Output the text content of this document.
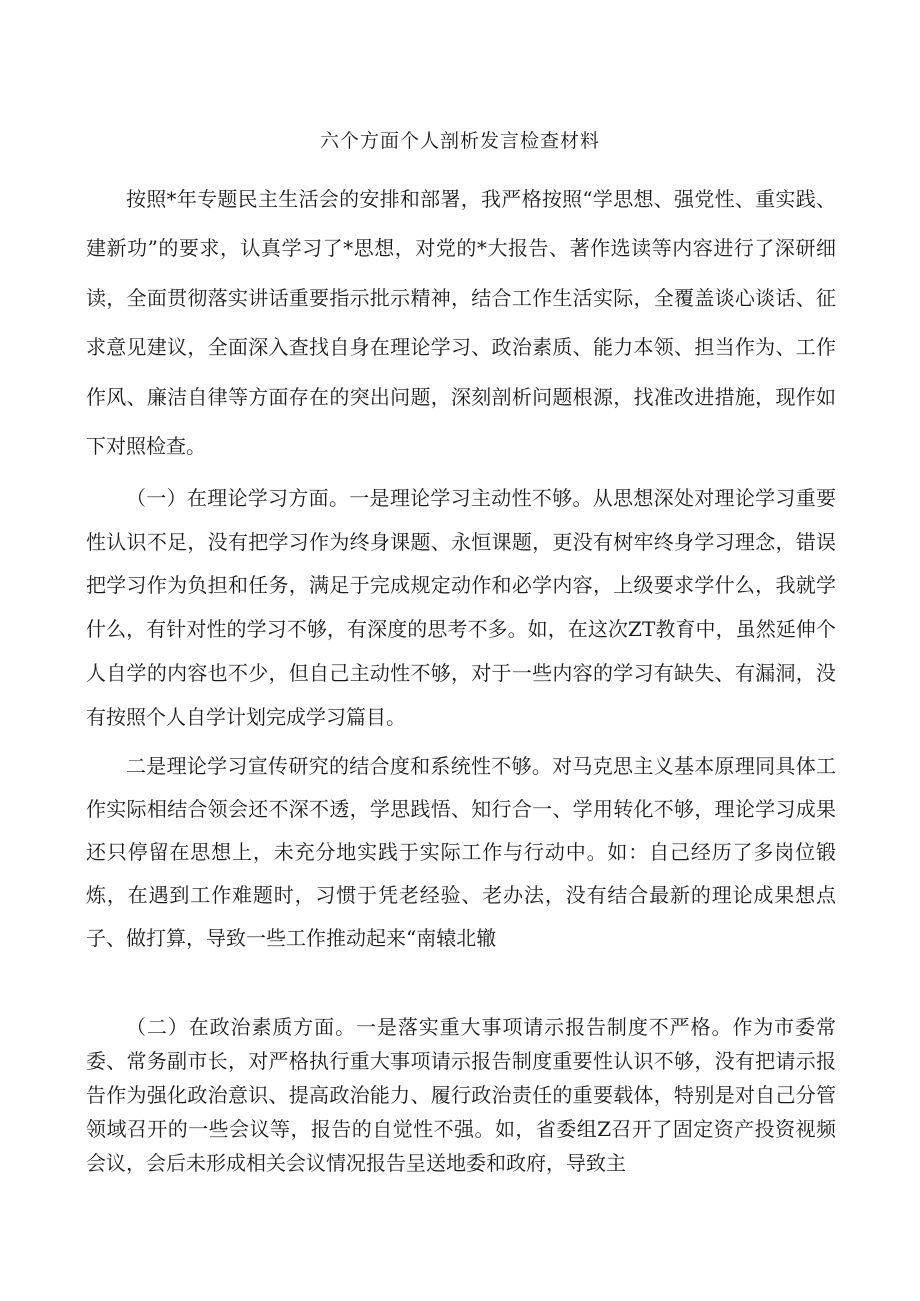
六个方面个人剖析发言检查材料

按照*年专题民主生活会的安排和部署，我严格按照“学思想、强党性、重实践、建新功”的要求，认真学习了*思想，对党的*大报告、著作选读等内容进行了深研细读，全面贯彻落实讲话重要指示批示精神，结合工作生活实际，全覆盖谈心谈话、征求意见建议，全面深入查找自身在理论学习、政治素质、能力本领、担当作为、工作作风、廉洁自律等方面存在的突出问题，深刻剖析问题根源，找准改进措施，现作如下对照检查。

（一）在理论学习方面。一是理论学习主动性不够。从思想深处对理论学习重要性认识不足，没有把学习作为终身课题、永恒课题，更没有树牢终身学习理念，错误把学习作为负担和任务，满足于完成规定动作和必学内容，上级要求学什么，我就学什么，有针对性的学习不够，有深度的思考不多。如，在这次ZT教育中，虽然延伸个人自学的内容也不少，但自己主动性不够，对于一些内容的学习有缺失、有漏洞，没有按照个人自学计划完成学习篇目。

二是理论学习宣传研究的结合度和系统性不够。对马克思主义基本原理同具体工作实际相结合领会还不深不透，学思践悟、知行合一、学用转化不够，理论学习成果还只停留在思想上，未充分地实践于实际工作与行动中。如：自己经历了多岗位锻炼，在遇到工作难题时，习惯于凭老经验、老办法，没有结合最新的理论成果想点子、做打算，导致一些工作推动起来“南辕北辙

（二）在政治素质方面。一是落实重大事项请示报告制度不严格。作为市委常委、常务副市长，对严格执行重大事项请示报告制度重要性认识不够，没有把请示报告作为强化政治意识、提高政治能力、履行政治责任的重要载体，特别是对自己分管领域召开的一些会议等，报告的自觉性不强。如，省委组Z召开了固定资产投资视频会议，会后未形成相关会议情况报告呈送地委和政府，导致主
